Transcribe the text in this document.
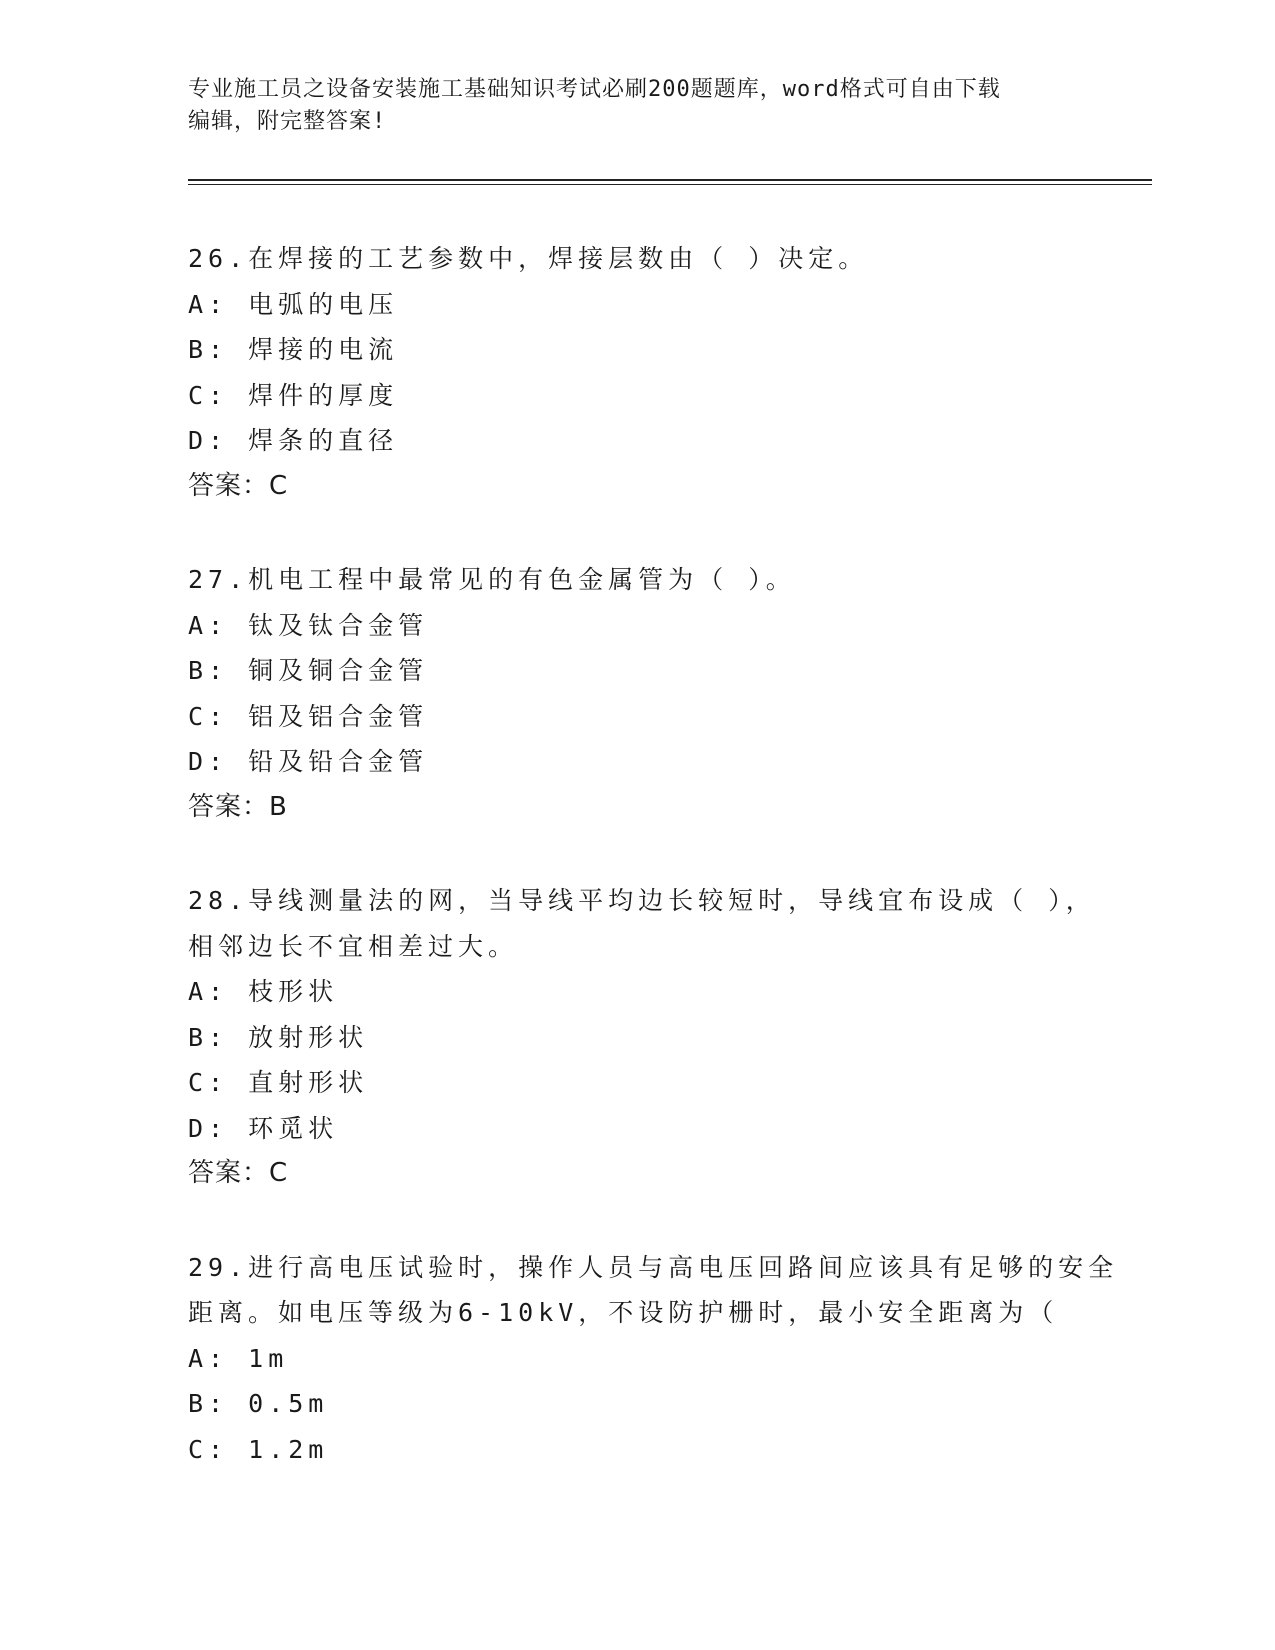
专业施工员之设备安装施工基础知识考试必刷200题题库，word格式可自由下载
编辑，附完整答案!
26.在焊接的工艺参数中，焊接层数由（ ）决定。
A: 电弧的电压
B: 焊接的电流
C: 焊件的厚度
D: 焊条的直径
答案：C
27.机电工程中最常见的有色金属管为（ ）。
A: 钛及钛合金管
B: 铜及铜合金管
C: 铝及铝合金管
D: 铅及铅合金管
答案：B
28.导线测量法的网，当导线平均边长较短时，导线宜布设成（ ），
相邻边长不宜相差过大。
A: 枝形状
B: 放射形状
C: 直射形状
D: 环觅状
答案：C
29.进行高电压试验时，操作人员与高电压回路间应该具有足够的安全
距离。如电压等级为6-10kV，不设防护栅时，最小安全距离为（
A: 1m
B: 0.5m
C: 1.2m
